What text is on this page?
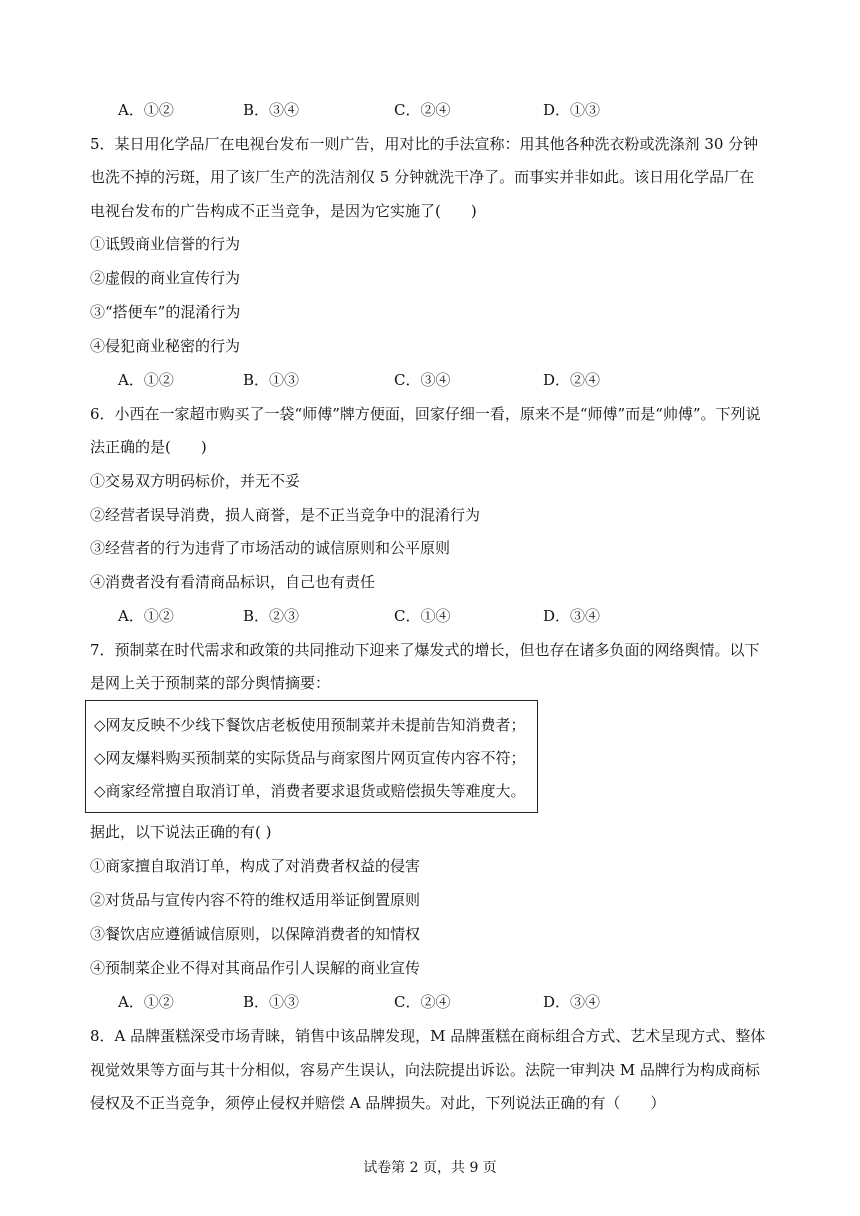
A．①②	B．③④	C．②④	D．①③
5．某日用化学品厂在电视台发布一则广告，用对比的手法宣称：用其他各种洗衣粉或洗涤剂 30 分钟
也洗不掉的污斑，用了该厂生产的洗洁剂仅 5 分钟就洗干净了。而事实并非如此。该日用化学品厂在
电视台发布的广告构成不正当竞争，是因为它实施了(　　)
①诋毁商业信誉的行为
②虚假的商业宣传行为
③“搭便车”的混淆行为
④侵犯商业秘密的行为
A．①②	B．①③	C．③④	D．②④
6．小西在一家超市购买了一袋“师傅”牌方便面，回家仔细一看，原来不是“师傅”而是“帅傅”。下列说
法正确的是(　　)
①交易双方明码标价，并无不妥
②经营者误导消费，损人商誉，是不正当竞争中的混淆行为
③经营者的行为违背了市场活动的诚信原则和公平原则
④消费者没有看清商品标识，自己也有责任
A．①②	B．②③	C．①④	D．③④
7．预制菜在时代需求和政策的共同推动下迎来了爆发式的增长，但也存在诸多负面的网络舆情。以下
是网上关于预制菜的部分舆情摘要：
◇网友反映不少线下餐饮店老板使用预制菜并未提前告知消费者；
◇网友爆料购买预制菜的实际货品与商家图片网页宣传内容不符；
◇商家经常擅自取消订单，消费者要求退货或赔偿损失等难度大。
据此，以下说法正确的有( )
①商家擅自取消订单，构成了对消费者权益的侵害
②对货品与宣传内容不符的维权适用举证倒置原则
③餐饮店应遵循诚信原则，以保障消费者的知情权
④预制菜企业不得对其商品作引人误解的商业宣传
A．①②	B．①③	C．②④	D．③④
8．A 品牌蛋糕深受市场青睐，销售中该品牌发现，M 品牌蛋糕在商标组合方式、艺术呈现方式、整体
视觉效果等方面与其十分相似，容易产生误认，向法院提出诉讼。法院一审判决 M 品牌行为构成商标
侵权及不正当竞争，须停止侵权并赔偿 A 品牌损失。对此，下列说法正确的有（　　）
试卷第 2 页，共 9 页
